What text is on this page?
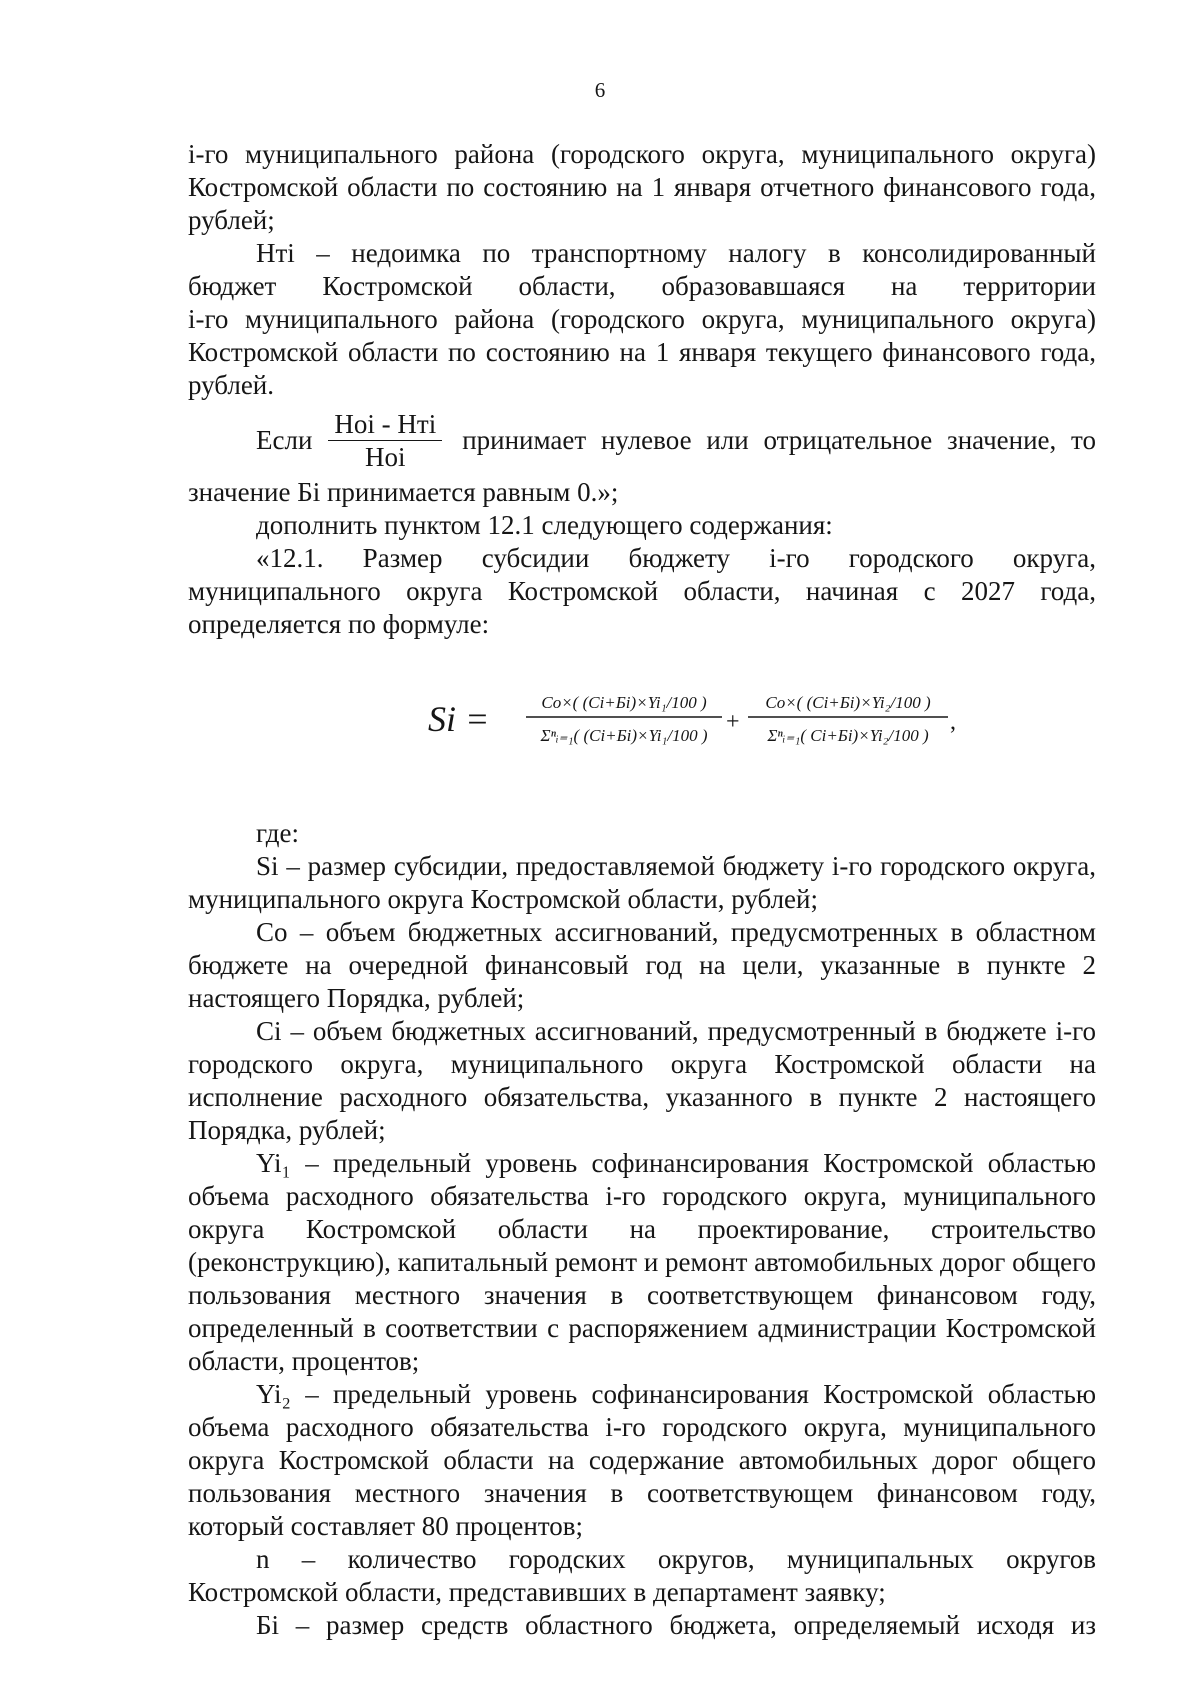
6

i-го муниципального района (городского округа, муниципального округа) Костромской области по состоянию на 1 января отчетного финансового года, рублей;

Нтi – недоимка по транспортному налогу в консолидированный

бюджет Костромской области, образовавшаяся на территории

i-го муниципального района (городского округа, муниципального округа) Костромской области по состоянию на 1 января текущего финансового года, рублей.

Если $\frac{\text{Hoi - Нтi}}{\text{Hoi}}$ принимает нулевое или отрицательное значение, то

значение Бi принимается равным 0.»;

дополнить пунктом 12.1 следующего содержания:

«12.1. Размер субсидии бюджету i-го городского округа,

муниципального округа Костромской области, начиная с 2027 года,

определяется по формуле:

Si =	Co×( (Ci+Бi)×Yi₁/100 )
Σⁿᵢ₌₁( (Ci+Бi)×Yi₁/100 )
+
Co×( (Ci+Бi)×Yi₂/100 )
Σⁿᵢ₌₁( Ci+Бi)×Yi₂/100 )
,

где:

Si – размер субсидии, предоставляемой бюджету i-го городского округа, муниципального округа Костромской области, рублей;

Co – объем бюджетных ассигнований, предусмотренных в областном бюджете на очередной финансовый год на цели, указанные в пункте 2 настоящего Порядка, рублей;

Ci – объем бюджетных ассигнований, предусмотренный в бюджете i-го городского округа, муниципального округа Костромской области на исполнение расходного обязательства, указанного в пункте 2 настоящего Порядка, рублей;

Yi₁ – предельный уровень софинансирования Костромской областью объема расходного обязательства i-го городского округа, муниципального округа Костромской области на проектирование, строительство (реконструкцию), капитальный ремонт и ремонт автомобильных дорог общего пользования местного значения в соответствующем финансовом году, определенный в соответствии с распоряжением администрации Костромской области, процентов;

Yi₂ – предельный уровень софинансирования Костромской областью объема расходного обязательства i-го городского округа, муниципального округа Костромской области на содержание автомобильных дорог общего пользования местного значения в соответствующем финансовом году, который составляет 80 процентов;

n – количество городских округов, муниципальных округов Костромской области, представивших в департамент заявку;

Бi – размер средств областного бюджета, определяемый исходя из
